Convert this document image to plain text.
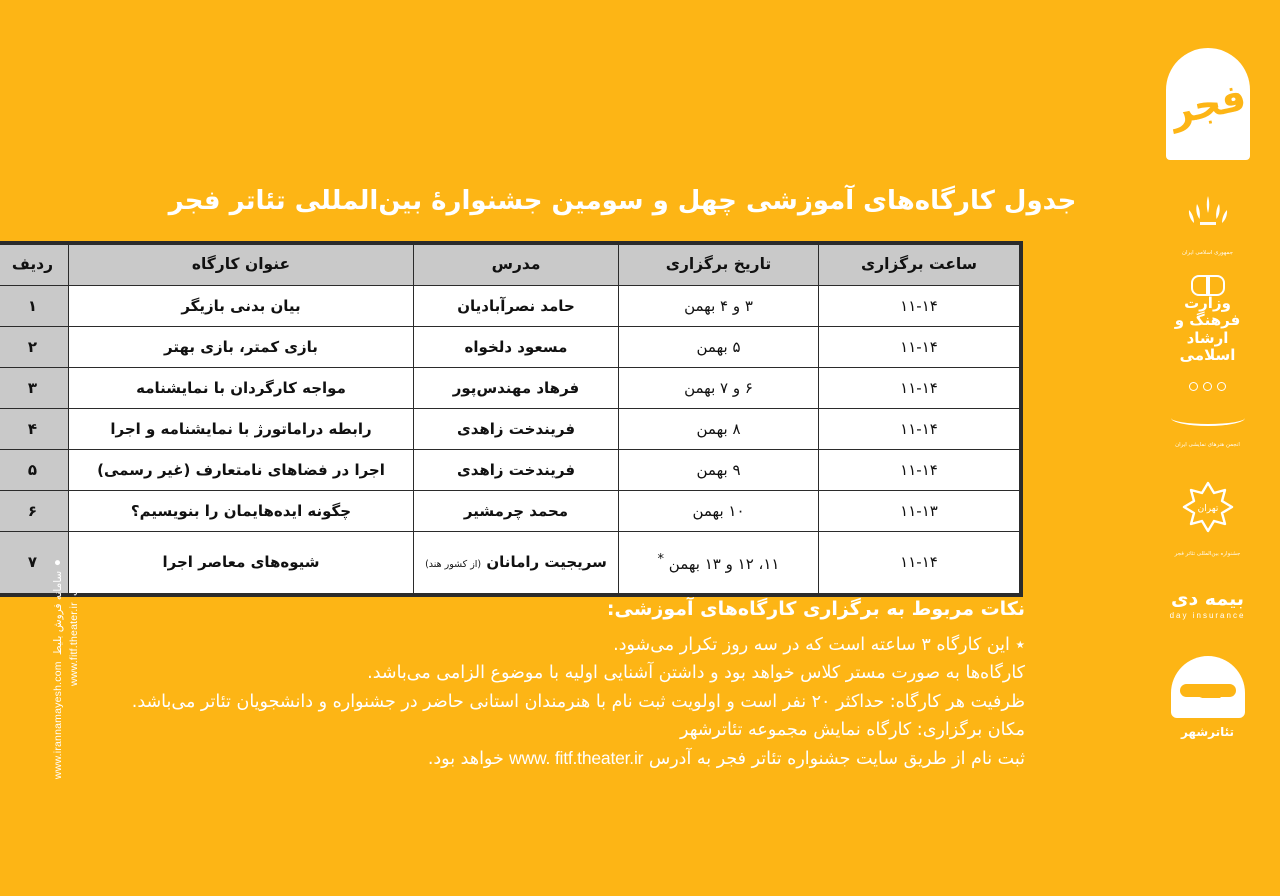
جدول کارگاه‌های آموزشی چهل و سومین جشنوارهٔ بین‌المللی تئاتر فجر
ساعت برگزاری	تاریخ برگزاری	مدرس	عنوان کارگاه	ردیف
۱۱-۱۴	۳ و ۴ بهمن	حامد نصرآبادیان	بیان بدنی بازیگر	۱
۱۱-۱۴	۵ بهمن	مسعود دلخواه	بازی کمتر، بازی بهتر	۲
۱۱-۱۴	۶ و ۷ بهمن	فرهاد مهندس‌پور	مواجه کارگردان با نمایشنامه	۳
۱۱-۱۴	۸ بهمن	فریندخت زاهدی	رابطه دراماتورژ با نمایشنامه و اجرا	۴
۱۱-۱۴	۹ بهمن	فریندخت زاهدی	اجرا در فضاهای نامتعارف (غیر رسمی)	۵
۱۱-۱۳	۱۰ بهمن	محمد چرمشیر	چگونه ایده‌هایمان را بنویسیم؟	۶
۱۱-۱۴	۱۱، ۱۲ و ۱۳ بهمن *	سریجیت رامانان (از کشور هند)	شیوه‌های معاصر اجرا	۷
نکات مربوط به برگزاری کارگاه‌های آموزشی:
٭ این کارگاه ۳ ساعته است که در سه روز تکرار می‌شود.
کارگاه‌ها به صورت مستر کلاس خواهد بود و داشتن آشنایی اولیه با موضوع الزامی می‌باشد.
ظرفیت هر کارگاه: حداکثر ۲۰ نفر است و اولویت ثبت نام با هنرمندان استانی حاضر در جشنواره و دانشجویان تئاتر می‌باشد.
مکان برگزاری: کارگاه نمایش مجموعه تئاترشهر
ثبت نام از طریق سایت جشنواره تئاتر فجر به آدرس www. fitf.theater.ir خواهد بود.
سایت
www.fitf.theater.ir
سامانه فروش بلیط
www.irannamayesh.com
فجر
جمهوری اسلامی ایران
وزارت فرهنگ و ارشاد اسلامی
انجمن هنرهای نمایشی ایران
تهران
جشنواره بین‌المللی تئاتر فجر
بیمه دی
day insurance
تئاترشهر
